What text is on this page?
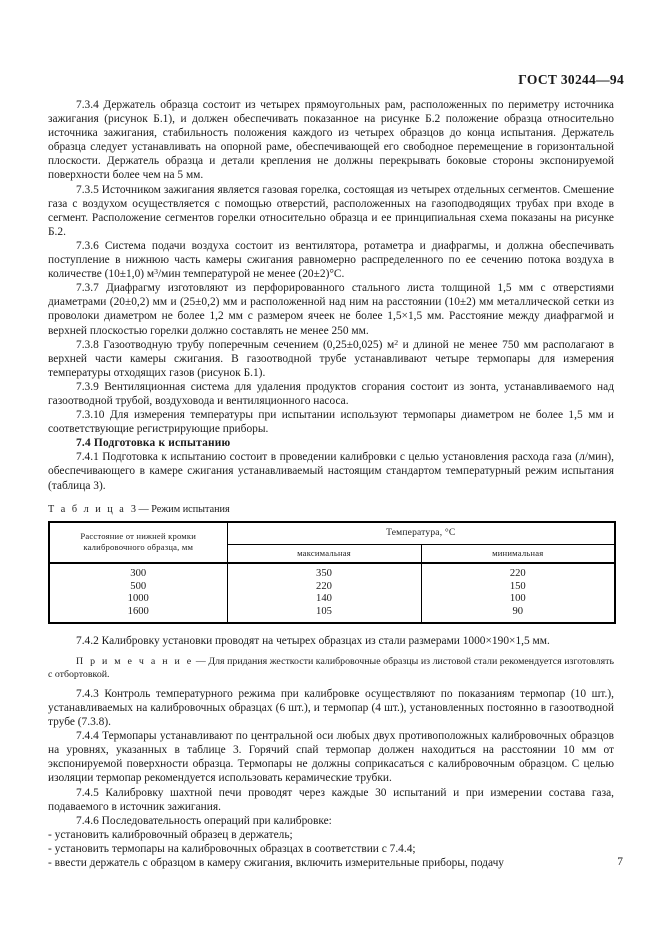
ГОСТ 30244—94

7.3.4 Держатель образца состоит из четырех прямоугольных рам, расположенных по периметру источника зажигания (рисунок Б.1), и должен обеспечивать показанное на рисунке Б.2 положение образца относительно источника зажигания, стабильность положения каждого из четырех образцов до конца испытания. Держатель образца следует устанавливать на опорной раме, обеспечивающей его свободное перемещение в горизонтальной плоскости. Держатель образца и детали крепления не должны перекрывать боковые стороны экспонируемой поверхности более чем на 5 мм.

7.3.5 Источником зажигания является газовая горелка, состоящая из четырех отдельных сегментов. Смешение газа с воздухом осуществляется с помощью отверстий, расположенных на газоподводящих трубах при входе в сегмент. Расположение сегментов горелки относительно образца и ее принципиальная схема показаны на рисунке Б.2.

7.3.6 Система подачи воздуха состоит из вентилятора, ротаметра и диафрагмы, и должна обеспечивать поступление в нижнюю часть камеры сжигания равномерно распределенного по ее сечению потока воздуха в количестве (10±1,0) $м^3$/мин температурой не менее (20±2)°С.

7.3.7 Диафрагму изготовляют из перфорированного стального листа толщиной 1,5 мм с отверстиями диаметрами (20±0,2) мм и (25±0,2) мм и расположенной над ним на расстоянии (10±2) мм металлической сетки из проволоки диаметром не более 1,2 мм с размером ячеек не более 1,5×1,5 мм. Расстояние между диафрагмой и верхней плоскостью горелки должно составлять не менее 250 мм.

7.3.8 Газоотводную трубу поперечным сечением (0,25±0,025) $м^2$ и длиной не менее 750 мм располагают в верхней части камеры сжигания. В газоотводной трубе устанавливают четыре термопары для измерения температуры отходящих газов (рисунок Б.1).

7.3.9 Вентиляционная система для удаления продуктов сгорания состоит из зонта, устанавливаемого над газоотводной трубой, воздуховода и вентиляционного насоса.

7.3.10 Для измерения температуры при испытании используют термопары диаметром не более 1,5 мм и соответствующие регистрирующие приборы.

7.4 Подготовка к испытанию

7.4.1 Подготовка к испытанию состоит в проведении калибровки с целью установления расхода газа (л/мин), обеспечивающего в камере сжигания устанавливаемый настоящим стандартом температурный режим испытания (таблица 3).

Т а б л и ц а 3 — Режим испытания

Расстояние от нижней кромки калибровочного образца, мм	Температура, °С	
	максимальная	минимальная
300	350	220
500	220	150
1000	140	100
1600	105	90

7.4.2 Калибровку установки проводят на четырех образцах из стали размерами 1000×190×1,5 мм.

П р и м е ч а н и е — Для придания жесткости калибровочные образцы из листовой стали рекомендуется изготовлять с отбортовкой.

7.4.3 Контроль температурного режима при калибровке осуществляют по показаниям термопар (10 шт.), устанавливаемых на калибровочных образцах (6 шт.), и термопар (4 шт.), установленных постоянно в газоотводной трубе (7.3.8).

7.4.4 Термопары устанавливают по центральной оси любых двух противоположных калибровочных образцов на уровнях, указанных в таблице 3. Горячий спай термопар должен находиться на расстоянии 10 мм от экспонируемой поверхности образца. Термопары не должны соприкасаться с калибровочным образцом. С целью изоляции термопар рекомендуется использовать керамические трубки.

7.4.5 Калибровку шахтной печи проводят через каждые 30 испытаний и при измерении состава газа, подаваемого в источник зажигания.

7.4.6 Последовательность операций при калибровке:

- установить калибровочный образец в держатель;

- установить термопары на калибровочных образцах в соответствии с 7.4.4;

- ввести держатель с образцом в камеру сжигания, включить измерительные приборы, подачу	7
